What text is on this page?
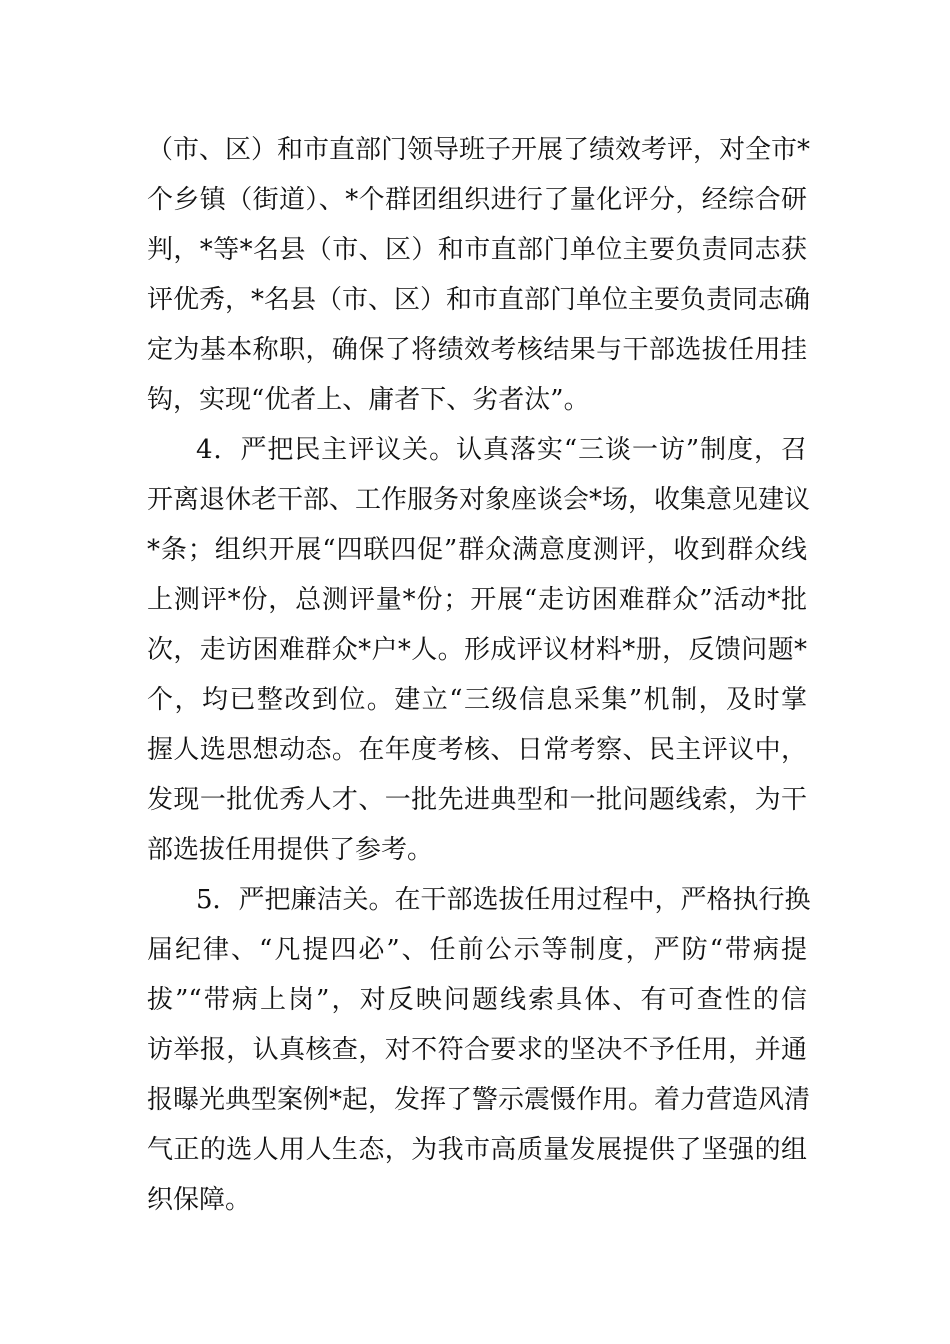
（市、区）和市直部门领导班子开展了绩效考评，对全市*
个乡镇（街道）、*个群团组织进行了量化评分，经综合研
判，*等*名县（市、区）和市直部门单位主要负责同志获
评优秀，*名县（市、区）和市直部门单位主要负责同志确
定为基本称职，确保了将绩效考核结果与干部选拔任用挂
钩，实现“优者上、庸者下、劣者汰”。
4．严把民主评议关。认真落实“三谈一访”制度，召
开离退休老干部、工作服务对象座谈会*场，收集意见建议
*条；组织开展“四联四促”群众满意度测评，收到群众线
上测评*份，总测评量*份；开展“走访困难群众”活动*批
次，走访困难群众*户*人。形成评议材料*册，反馈问题*
个，均已整改到位。建立“三级信息采集”机制，及时掌
握人选思想动态。在年度考核、日常考察、民主评议中，
发现一批优秀人才、一批先进典型和一批问题线索，为干
部选拔任用提供了参考。
5．严把廉洁关。在干部选拔任用过程中，严格执行换
届纪律、“凡提四必”、任前公示等制度，严防“带病提
拔”“带病上岗”，对反映问题线索具体、有可查性的信
访举报，认真核查，对不符合要求的坚决不予任用，并通
报曝光典型案例*起，发挥了警示震慑作用。着力营造风清
气正的选人用人生态，为我市高质量发展提供了坚强的组
织保障。
